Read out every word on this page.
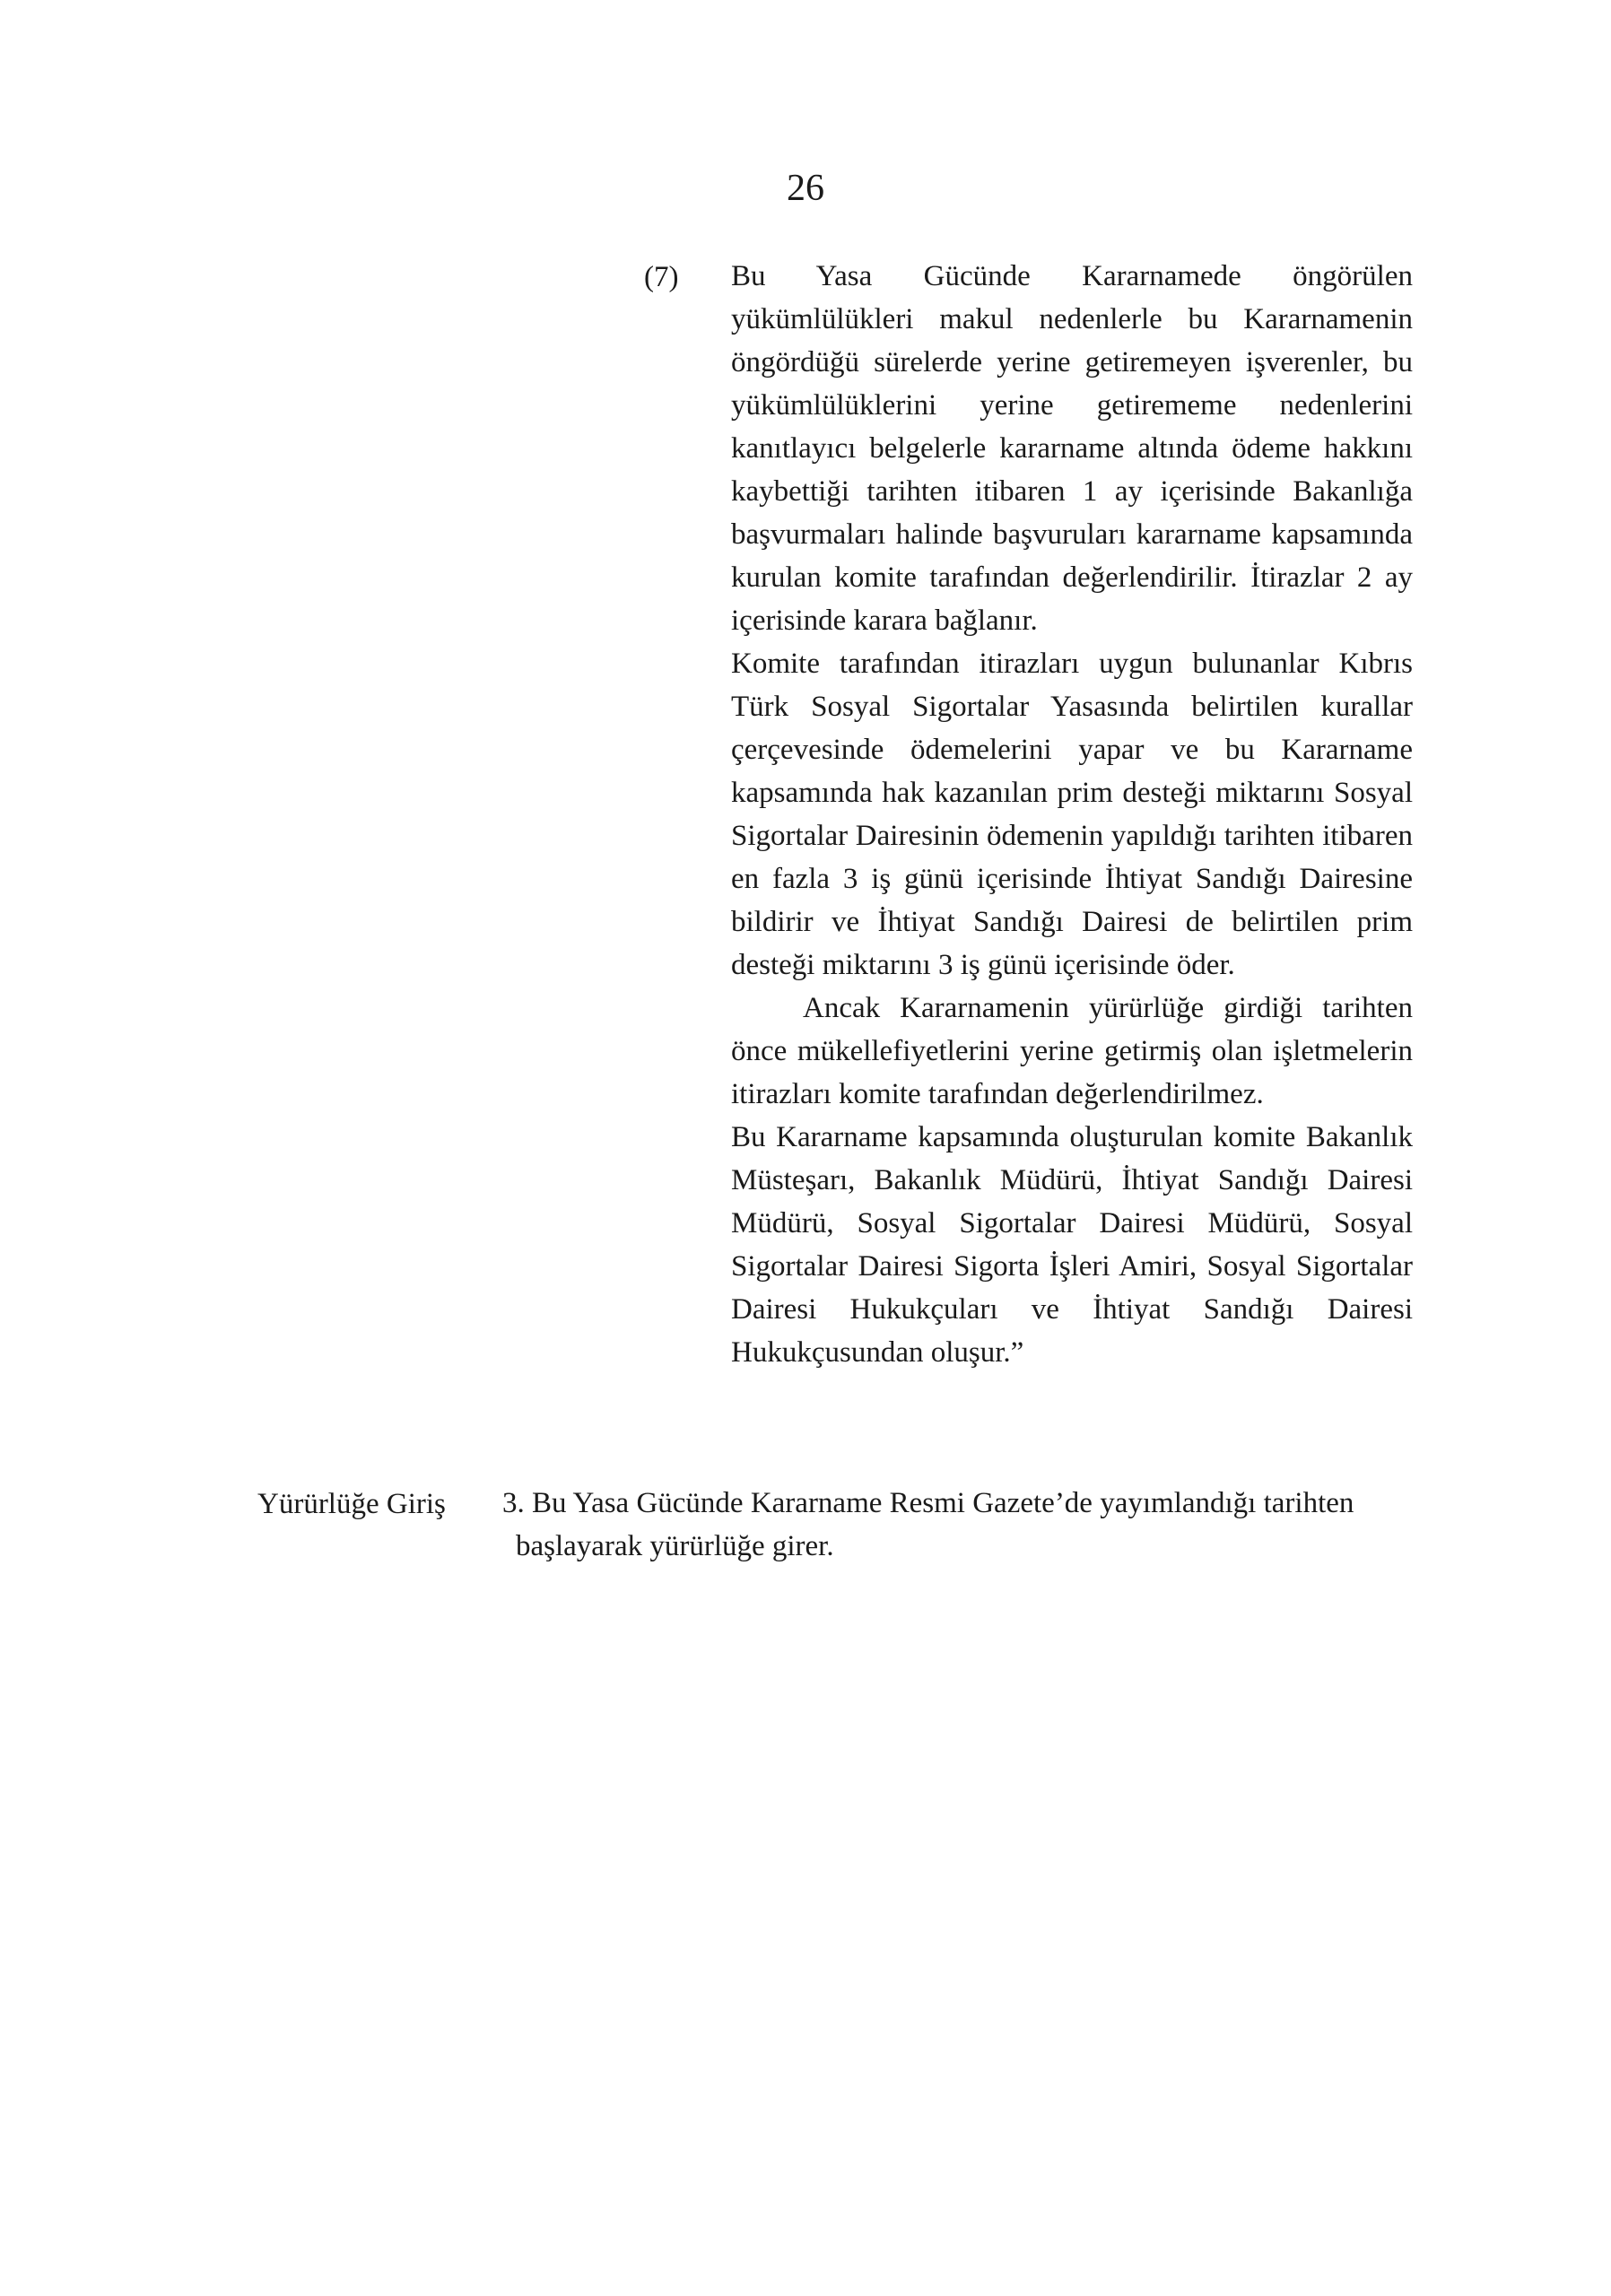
26
(7) Bu Yasa Gücünde Kararnamede öngörülen yükümlülükleri makul nedenlerle bu Kararnamenin öngördüğü sürelerde yerine getiremeyen işverenler, bu yükümlülüklerini yerine getirememe nedenlerini kanıtlayıcı belgelerle kararname altında ödeme hakkını kaybettiği tarihten itibaren 1 ay içerisinde Bakanlığa başvurmaları halinde başvuruları kararname kapsamında kurulan komite tarafından değerlendirilir. İtirazlar 2 ay içerisinde karara bağlanır.

Komite tarafından itirazları uygun bulunanlar Kıbrıs Türk Sosyal Sigortalar Yasasında belirtilen kurallar çerçevesinde ödemelerini yapar ve bu Kararname kapsamında hak kazanılan prim desteği miktarını Sosyal Sigortalar Dairesinin ödemenin yapıldığı tarihten itibaren en fazla 3 iş günü içerisinde İhtiyat Sandığı Dairesine bildirir ve İhtiyat Sandığı Dairesi de belirtilen prim desteği miktarını 3 iş günü içerisinde öder.

Ancak Kararnamenin yürürlüğe girdiği tarihten önce mükellefiyetlerini yerine getirmiş olan işletmelerin itirazları komite tarafından değerlendirilmez.

Bu Kararname kapsamında oluşturulan komite Bakanlık Müsteşarı, Bakanlık Müdürü, İhtiyat Sandığı Dairesi Müdürü, Sosyal Sigortalar Dairesi Müdürü, Sosyal Sigortalar Dairesi Sigorta İşleri Amiri, Sosyal Sigortalar Dairesi Hukukçuları ve İhtiyat Sandığı Dairesi Hukukçusundan oluşur.”

Yürürlüğe Giriş 3. Bu Yasa Gücünde Kararname Resmi Gazete’de yayımlandığı tarihten
başlayarak yürürlüğe girer.
